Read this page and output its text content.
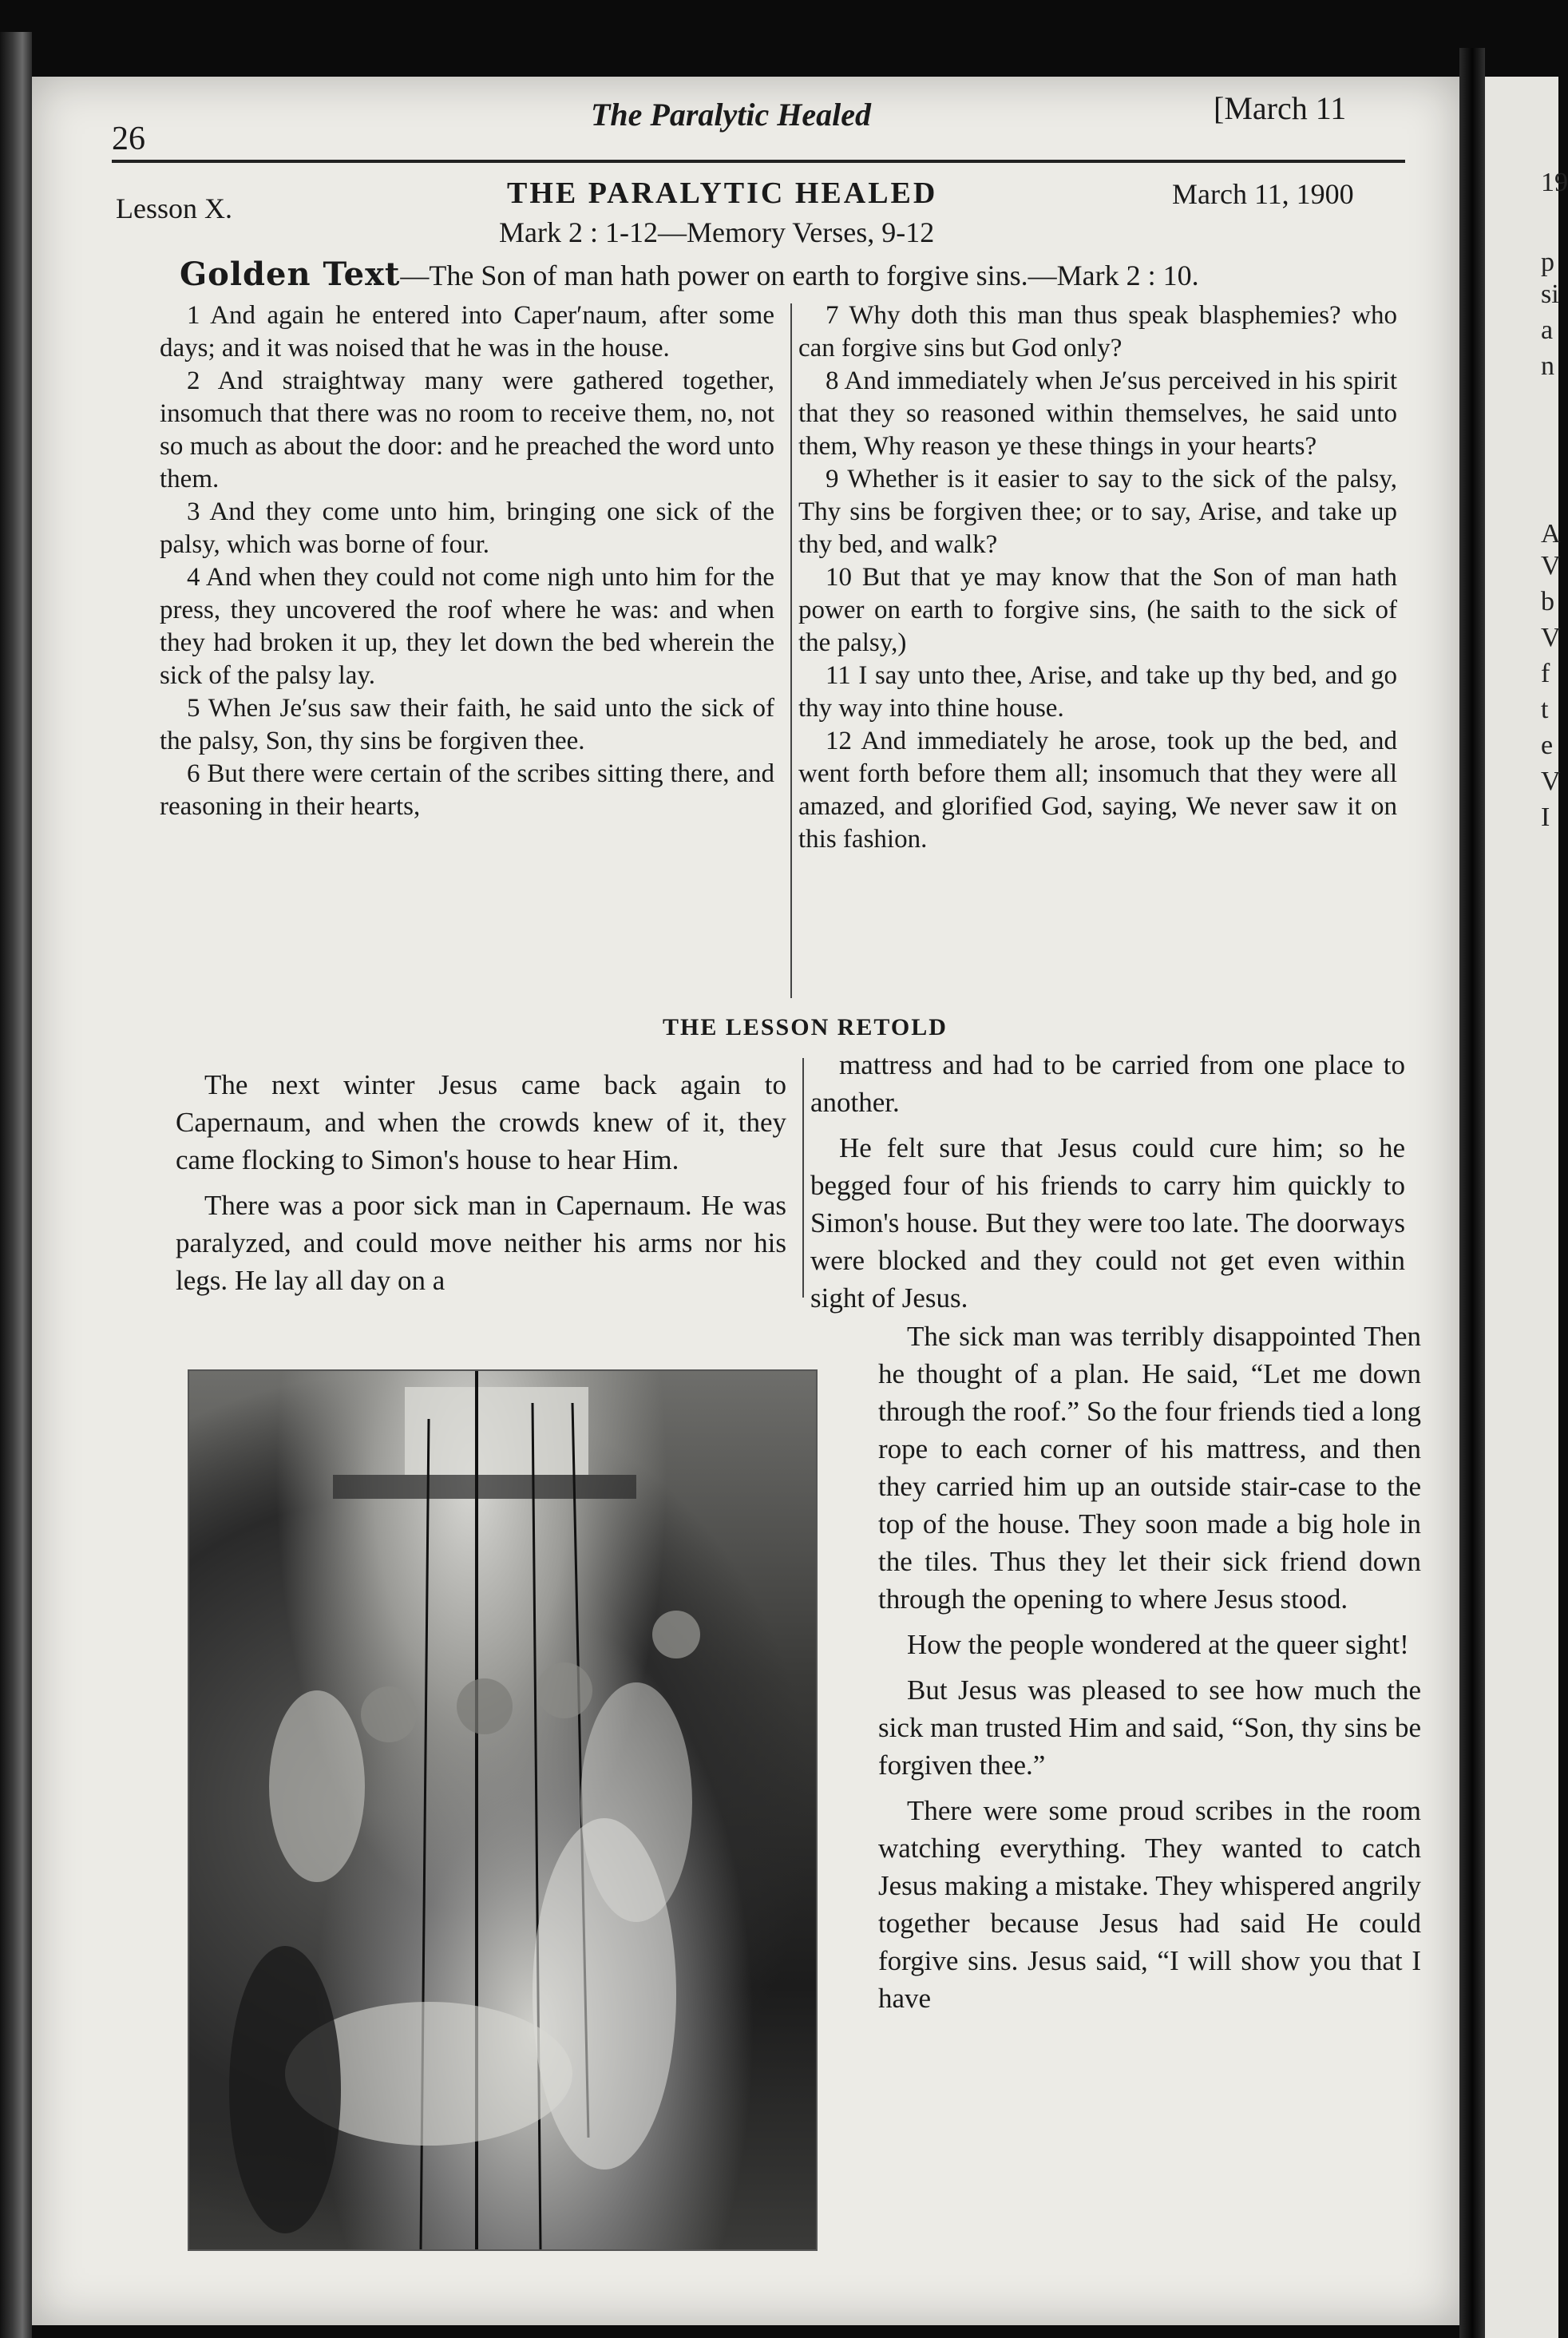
19
p
si
a
n
A
V
b
V
f
t
e
V
I
26
The Paralytic Healed	[March 11
Lesson X.	THE PARALYTIC HEALED	March 11, 1900
Mark 2 : 1-12—Memory Verses, 9-12
Golden Text—The Son of man hath power on earth to forgive sins.—Mark 2 : 10.

1 And again he entered into Caper′naum, after some days; and it was noised that he was in the house.

2 And straightway many were gathered together, insomuch that there was no room to receive them, no, not so much as about the door: and he preached the word unto them.

3 And they come unto him, bringing one sick of the palsy, which was borne of four.

4 And when they could not come nigh unto him for the press, they uncovered the roof where he was: and when they had broken it up, they let down the bed wherein the sick of the palsy lay.

5 When Je′sus saw their faith, he said unto the sick of the palsy, Son, thy sins be forgiven thee.

6 But there were certain of the scribes sitting there, and reasoning in their hearts,

7 Why doth this man thus speak blasphemies? who can forgive sins but God only?

8 And immediately when Je′sus perceived in his spirit that they so reasoned within themselves, he said unto them, Why reason ye these things in your hearts?

9 Whether is it easier to say to the sick of the palsy, Thy sins be forgiven thee; or to say, Arise, and take up thy bed, and walk?

10 But that ye may know that the Son of man hath power on earth to forgive sins, (he saith to the sick of the palsy,)

11 I say unto thee, Arise, and take up thy bed, and go thy way into thine house.

12 And immediately he arose, took up the bed, and went forth before them all; insomuch that they were all amazed, and glorified God, saying, We never saw it on this fashion.

THE LESSON RETOLD

The next winter Jesus came back again to Capernaum, and when the crowds knew of it, they came flocking to Simon's house to hear Him.

There was a poor sick man in Capernaum. He was paralyzed, and could move neither his arms nor his legs. He lay all day on a

mattress and had to be carried from one place to another.

He felt sure that Jesus could cure him; so he begged four of his friends to carry him quickly to Simon's house. But they were too late. The doorways were blocked and they could not get even within sight of Jesus.

The sick man was terribly disappointed Then he thought of a plan. He said, “Let me down through the roof.” So the four friends tied a long rope to each corner of his mattress, and then they carried him up an outside stair-case to the top of the house. They soon made a big hole in the tiles. Thus they let their sick friend down through the opening to where Jesus stood.

How the people wondered at the queer sight!

But Jesus was pleased to see how much the sick man trusted Him and said, “Son, thy sins be forgiven thee.”

There were some proud scribes in the room watching everything. They wanted to catch Jesus making a mistake. They whispered angrily together because Jesus had said He could forgive sins. Jesus said, “I will show you that I have
